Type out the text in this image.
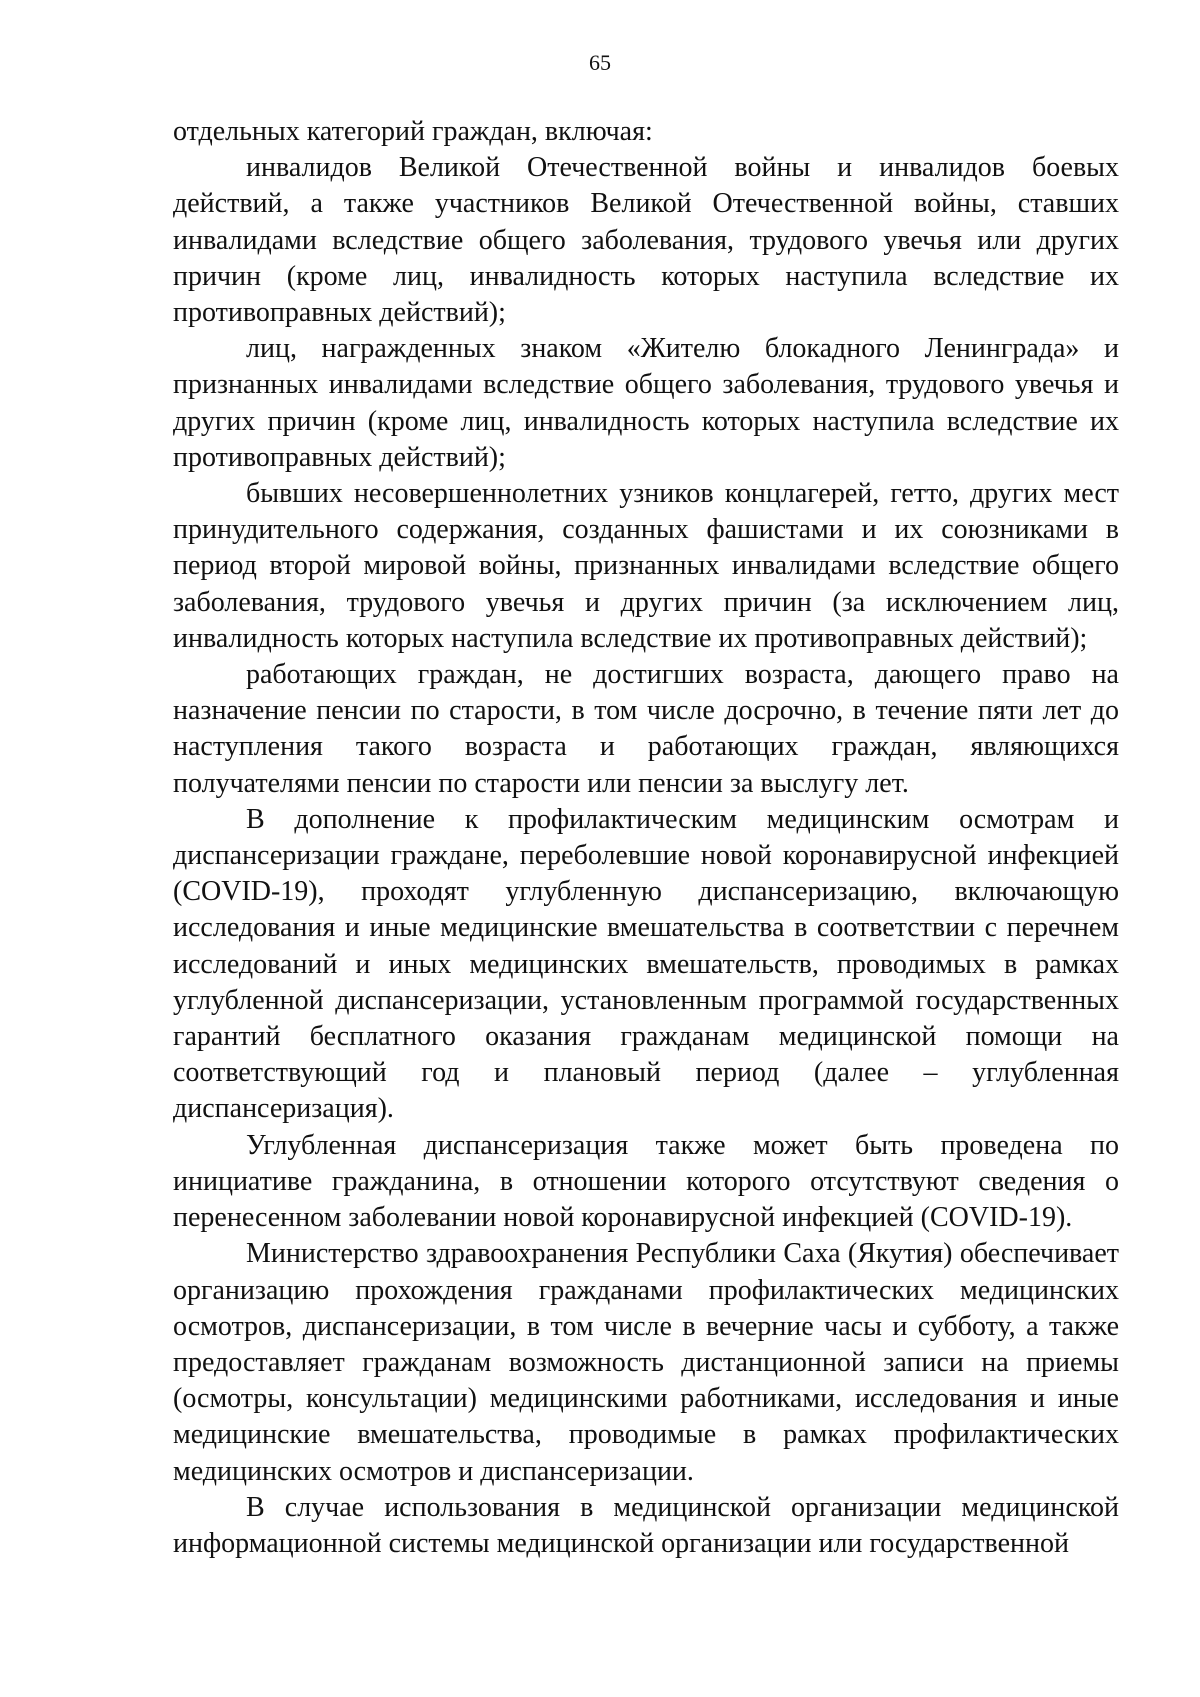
65

отдельных категорий граждан, включая:

инвалидов Великой Отечественной войны и инвалидов боевых действий, а также участников Великой Отечественной войны, ставших инвалидами вследствие общего заболевания, трудового увечья или других причин (кроме лиц, инвалидность которых наступила вследствие их противоправных действий);

лиц, награжденных знаком «Жителю блокадного Ленинграда» и признанных инвалидами вследствие общего заболевания, трудового увечья и других причин (кроме лиц, инвалидность которых наступила вследствие их противоправных действий);

бывших несовершеннолетних узников концлагерей, гетто, других мест принудительного содержания, созданных фашистами и их союзниками в период второй мировой войны, признанных инвалидами вследствие общего заболевания, трудового увечья и других причин (за исключением лиц, инвалидность которых наступила вследствие их противоправных действий);

работающих граждан, не достигших возраста, дающего право на назначение пенсии по старости, в том числе досрочно, в течение пяти лет до наступления такого возраста и работающих граждан, являющихся получателями пенсии по старости или пенсии за выслугу лет.

В дополнение к профилактическим медицинским осмотрам и диспансеризации граждане, переболевшие новой коронавирусной инфекцией (COVID-19), проходят углубленную диспансеризацию, включающую исследования и иные медицинские вмешательства в соответствии с перечнем исследований и иных медицинских вмешательств, проводимых в рамках углубленной диспансеризации, установленным программой государственных гарантий бесплатного оказания гражданам медицинской помощи на соответствующий год и плановый период (далее – углубленная диспансеризация).

Углубленная диспансеризация также может быть проведена по инициативе гражданина, в отношении которого отсутствуют сведения о перенесенном заболевании новой коронавирусной инфекцией (COVID-19).

Министерство здравоохранения Республики Саха (Якутия) обеспечивает организацию прохождения гражданами профилактических медицинских осмотров, диспансеризации, в том числе в вечерние часы и субботу, а также предоставляет гражданам возможность дистанционной записи на приемы (осмотры, консультации) медицинскими работниками, исследования и иные медицинские вмешательства, проводимые в рамках профилактических медицинских осмотров и диспансеризации.

В случае использования в медицинской организации медицинской информационной системы медицинской организации или государственной
